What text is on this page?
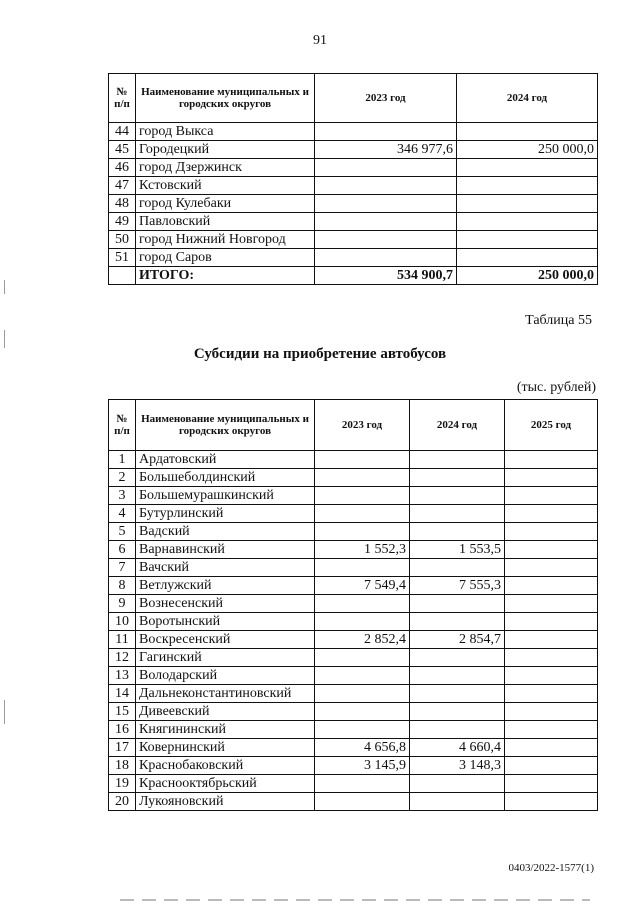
91
№ п/п	Наименование муниципальных и городских округов	2023 год	2024 год
44	город Выкса		
45	Городецкий	346 977,6	250 000,0
46	город Дзержинск		
47	Кстовский		
48	город Кулебаки		
49	Павловский		
50	город Нижний Новгород		
51	город Саров		
	ИТОГО:	534 900,7	250 000,0
Таблица 55
Субсидии на приобретение автобусов
(тыс. рублей)
№ п/п	Наименование муниципальных и городских округов	2023 год	2024 год	2025 год
1	Ардатовский			
2	Большеболдинский			
3	Большемурашкинский			
4	Бутурлинский			
5	Вадский			
6	Варнавинский	1 552,3	1 553,5	
7	Вачский			
8	Ветлужский	7 549,4	7 555,3	
9	Вознесенский			
10	Воротынский			
11	Воскресенский	2 852,4	2 854,7	
12	Гагинский			
13	Володарский			
14	Дальнеконстантиновский			
15	Дивеевский			
16	Княгининский			
17	Ковернинский	4 656,8	4 660,4	
18	Краснобаковский	3 145,9	3 148,3	
19	Краснооктябрьский			
20	Лукояновский			
0403/2022-1577(1)
